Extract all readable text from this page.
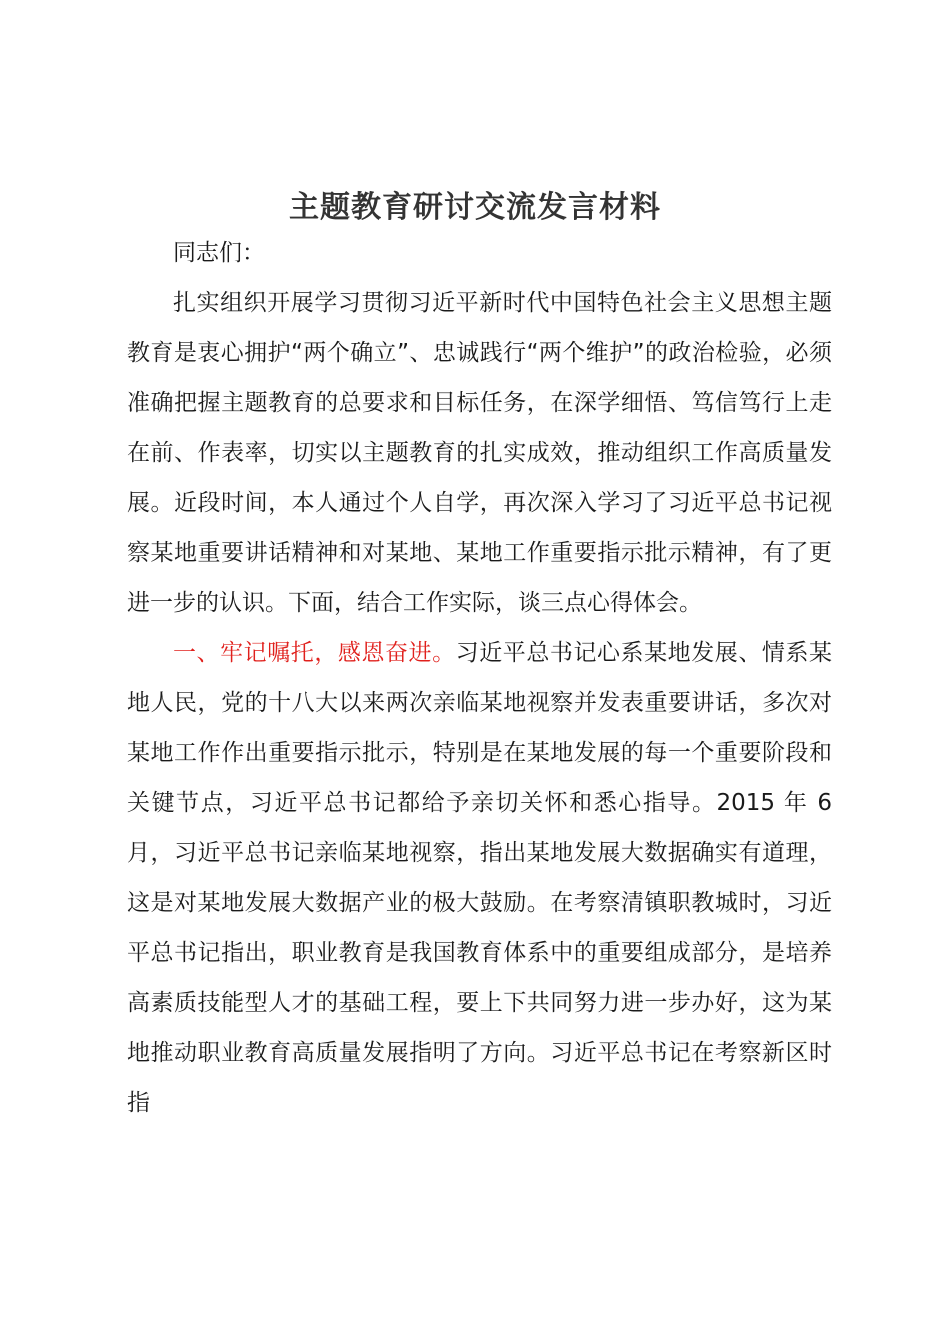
主题教育研讨交流发言材料

同志们：

扎实组织开展学习贯彻习近平新时代中国特色社会主义思想主题教育是衷心拥护“两个确立”、忠诚践行“两个维护”的政治检验，必须准确把握主题教育的总要求和目标任务，在深学细悟、笃信笃行上走在前、作表率，切实以主题教育的扎实成效，推动组织工作高质量发展。近段时间，本人通过个人自学，再次深入学习了习近平总书记视察某地重要讲话精神和对某地、某地工作重要指示批示精神，有了更进一步的认识。下面，结合工作实际，谈三点心得体会。

一、牢记嘱托，感恩奋进。习近平总书记心系某地发展、情系某地人民，党的十八大以来两次亲临某地视察并发表重要讲话，多次对某地工作作出重要指示批示，特别是在某地发展的每一个重要阶段和关键节点，习近平总书记都给予亲切关怀和悉心指导。2015 年 6 月，习近平总书记亲临某地视察，指出某地发展大数据确实有道理，这是对某地发展大数据产业的极大鼓励。在考察清镇职教城时，习近平总书记指出，职业教育是我国教育体系中的重要组成部分，是培养高素质技能型人才的基础工程，要上下共同努力进一步办好，这为某地推动职业教育高质量发展指明了方向。习近平总书记在考察新区时指
